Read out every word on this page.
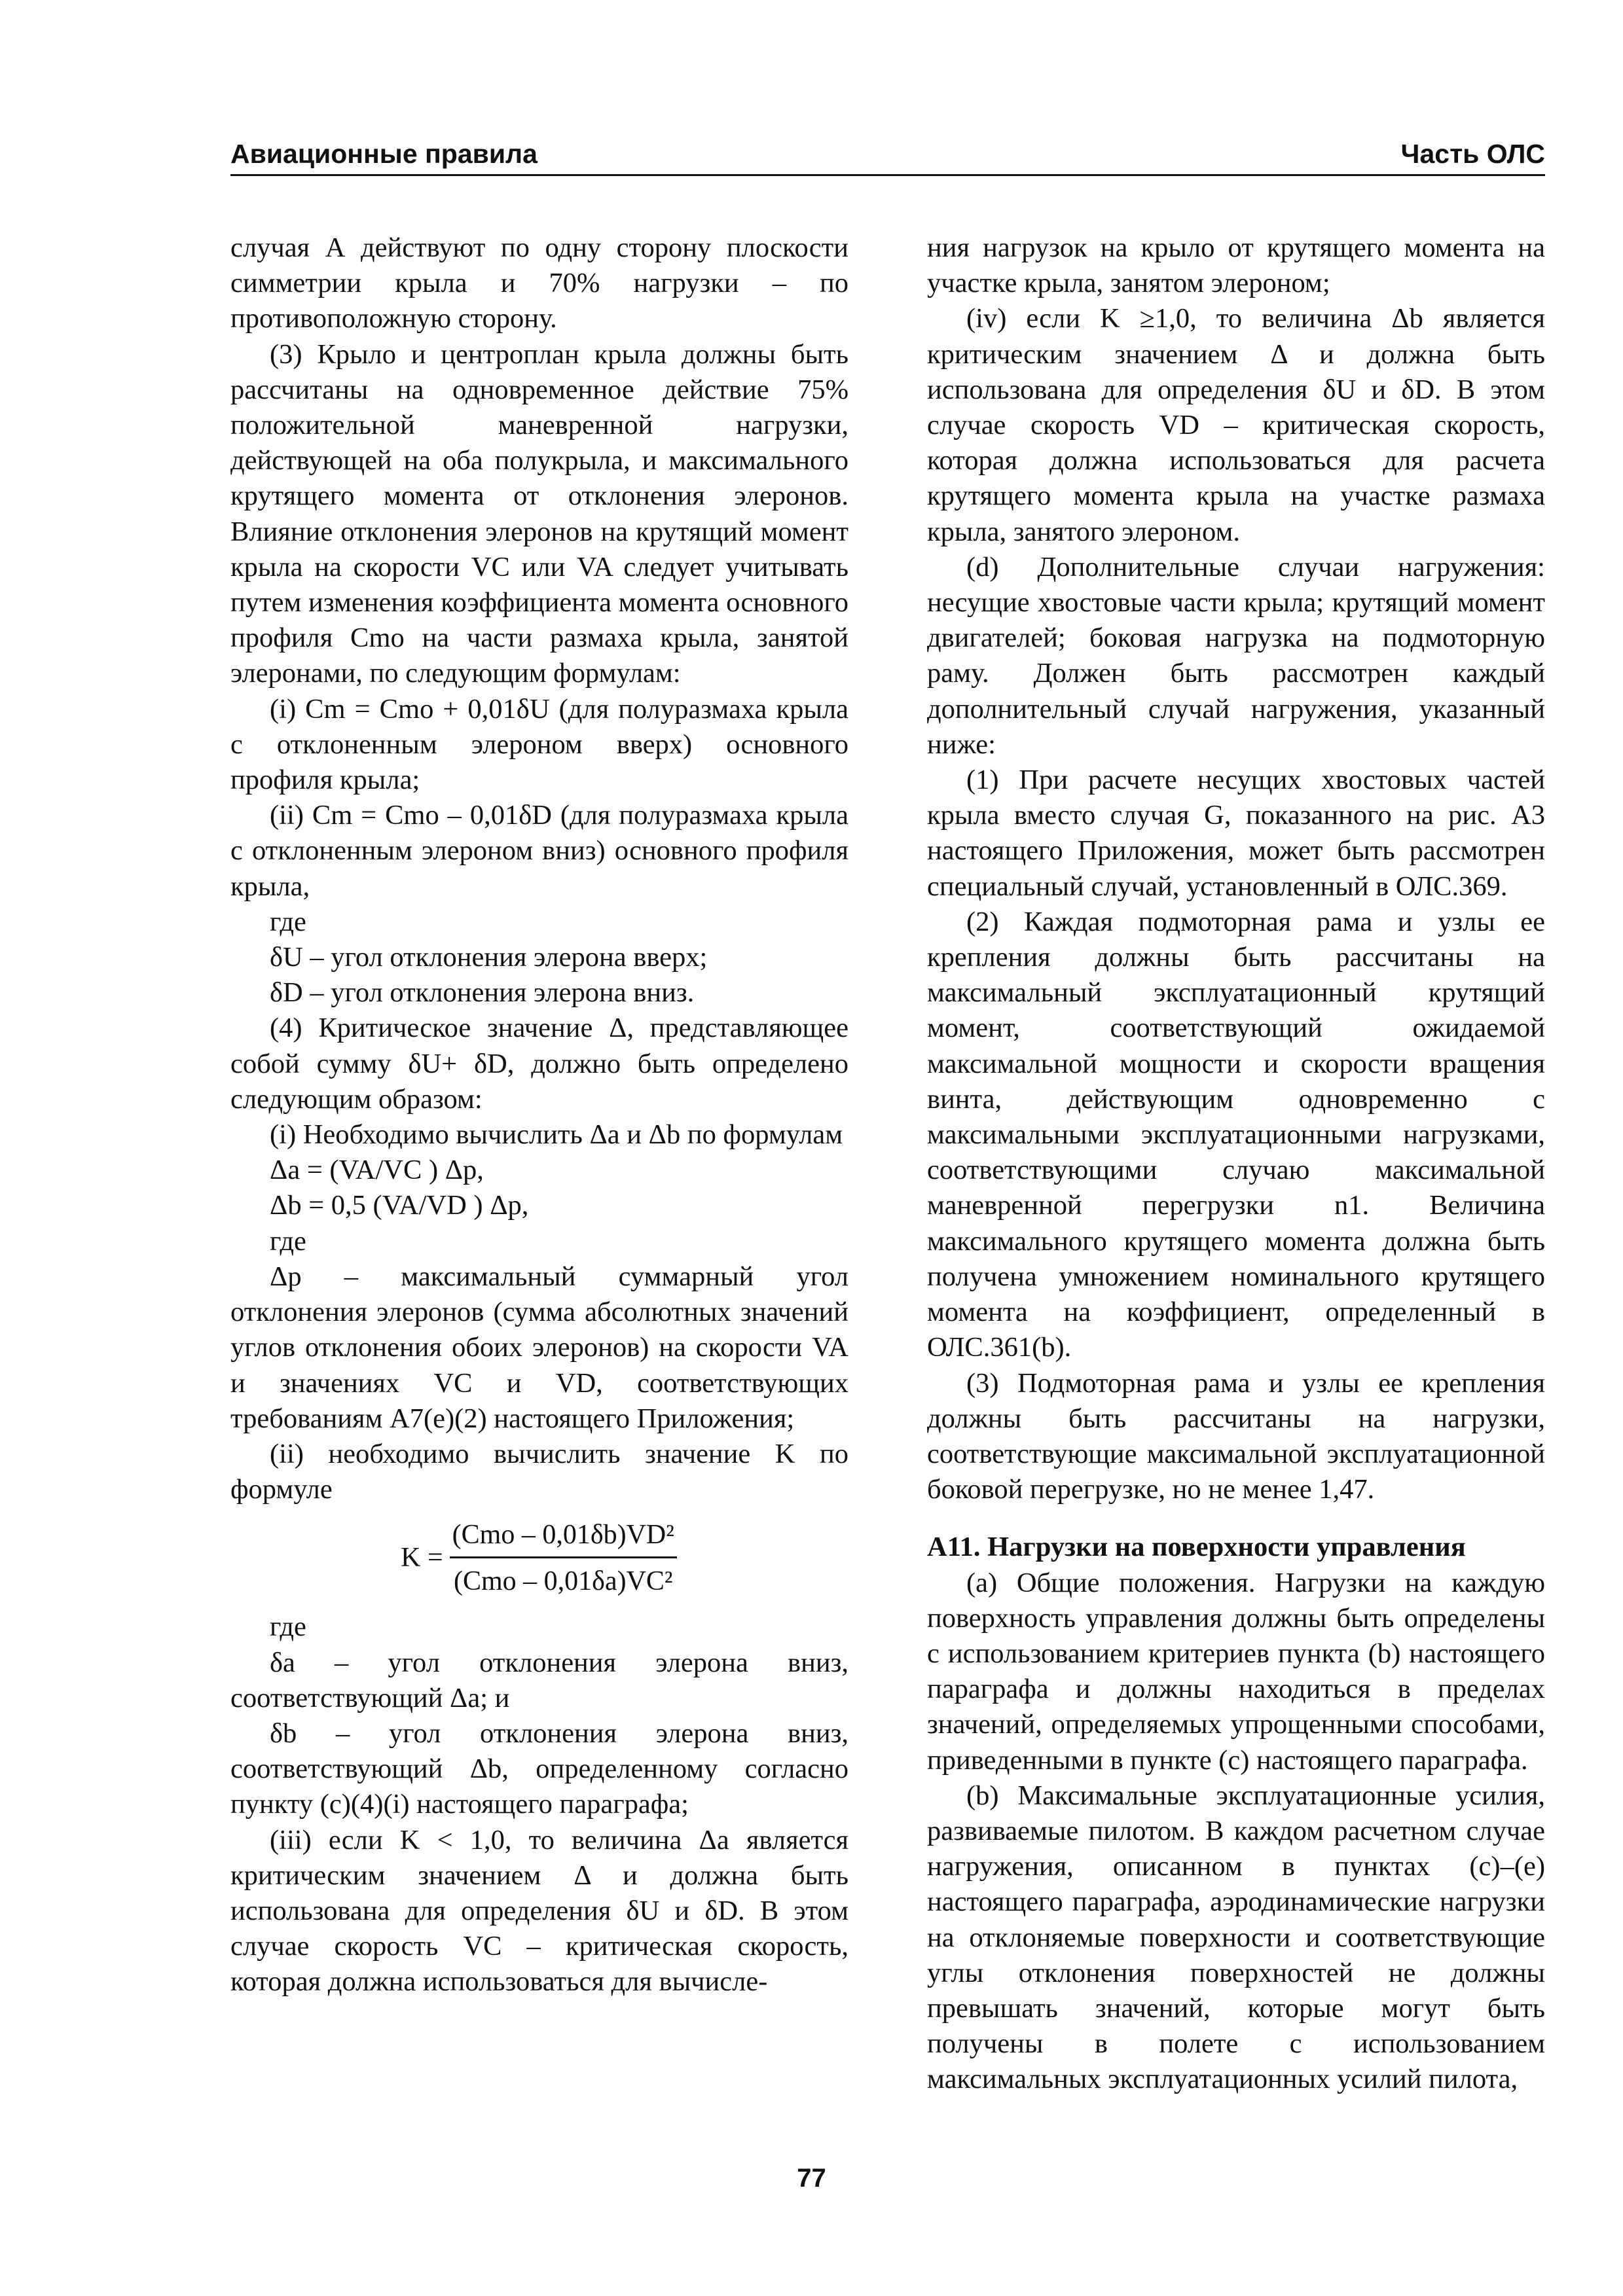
Авиационные правила	Часть ОЛС

случая А действуют по одну сторону плоскости симметрии крыла и 70% нагрузки – по противоположную сторону.

(3) Крыло и центроплан крыла должны быть рассчитаны на одновременное действие 75% положительной маневренной нагрузки, действующей на оба полукрыла, и максимального крутящего момента от отклонения элеронов. Влияние отклонения элеронов на крутящий момент крыла на скорости VC или VA следует учитывать путем изменения коэффициента момента основного профиля Cmo на части размаха крыла, занятой элеронами, по следующим формулам:

(i) Cm = Cmo + 0,01δU (для полуразмаха крыла с отклоненным элероном вверх) основного профиля крыла;

(ii) Cm = Cmo – 0,01δD (для полуразмаха крыла с отклоненным элероном вниз) основного профиля крыла,

где

δU – угол отклонения элерона вверх;

δD – угол отклонения элерона вниз.

(4) Критическое значение Δ, представляющее собой сумму δU+ δD, должно быть определено следующим образом:

(i) Необходимо вычислить Δa и Δb по формулам

Δa = (VA/VC ) Δp,

Δb = 0,5 (VA/VD ) Δp,

где

Δp – максимальный суммарный угол отклонения элеронов (сумма абсолютных значений углов отклонения обоих элеронов) на скорости VA и значениях VC и VD, соответствующих требованиям A7(e)(2) настоящего Приложения;

(ii) необходимо вычислить значение K по формуле

$K = \frac{\text{(Cmo – 0,01δb)VD²}}{\text{(Cmo – 0,01δa)VC²}}$

где

δa – угол отклонения элерона вниз, соответствующий Δa; и

δb – угол отклонения элерона вниз, соответствующий Δb, определенному согласно пункту (с)(4)(i) настоящего параграфа;

(iii) если K < 1,0, то величина Δa является критическим значением Δ и должна быть использована для определения δU и δD. В этом случае скорость VC – критическая скорость, которая должна использоваться для вычисле-

ния нагрузок на крыло от крутящего момента на участке крыла, занятом элероном;

(iv) если K ≥1,0, то величина Δb является критическим значением Δ и должна быть использована для определения δU и δD. В этом случае скорость VD – критическая скорость, которая должна использоваться для расчета крутящего момента крыла на участке размаха крыла, занятого элероном.

(d) Дополнительные случаи нагружения: несущие хвостовые части крыла; крутящий момент двигателей; боковая нагрузка на подмоторную раму. Должен быть рассмотрен каждый дополнительный случай нагружения, указанный ниже:

(1) При расчете несущих хвостовых частей крыла вместо случая G, показанного на рис. A3 настоящего Приложения, может быть рассмотрен специальный случай, установленный в ОЛС.369.

(2) Каждая подмоторная рама и узлы ее крепления должны быть рассчитаны на максимальный эксплуатационный крутящий момент, соответствующий ожидаемой максимальной мощности и скорости вращения винта, действующим одновременно с максимальными эксплуатационными нагрузками, соответствующими случаю максимальной маневренной перегрузки n1. Величина максимального крутящего момента должна быть получена умножением номинального крутящего момента на коэффициент, определенный в ОЛС.361(b).

(3) Подмоторная рама и узлы ее крепления должны быть рассчитаны на нагрузки, соответствующие максимальной эксплуатационной боковой перегрузке, но не менее 1,47.

A11. Нагрузки на поверхности управления

(a) Общие положения. Нагрузки на каждую поверхность управления должны быть определены с использованием критериев пункта (b) настоящего параграфа и должны находиться в пределах значений, определяемых упрощенными способами, приведенными в пункте (c) настоящего параграфа.

(b) Максимальные эксплуатационные усилия, развиваемые пилотом. В каждом расчетном случае нагружения, описанном в пунктах (c)–(e) настоящего параграфа, аэродинамические нагрузки на отклоняемые поверхности и соответствующие углы отклонения поверхностей не должны превышать значений, которые могут быть получены в полете с использованием максимальных эксплуатационных усилий пилота,

77
